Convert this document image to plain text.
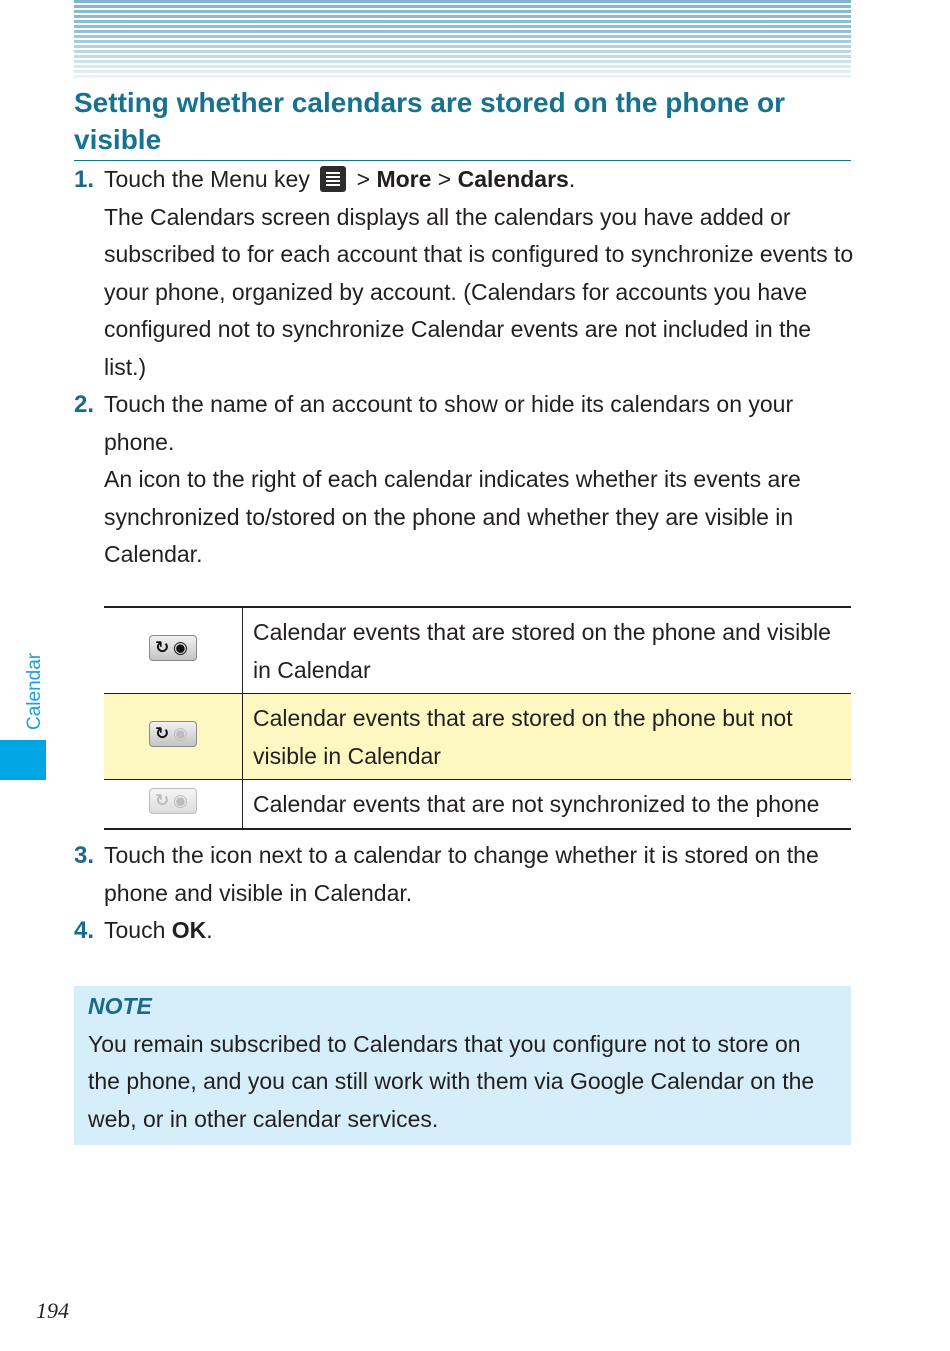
Setting whether calendars are stored on the phone or visible
1. Touch the Menu key > More > Calendars.

The Calendars screen displays all the calendars you have added or subscribed to for each account that is configured to synchronize events to your phone, organized by account. (Calendars for accounts you have configured not to synchronize Calendar events are not included in the list.)

2. Touch the name of an account to show or hide its calendars on your phone.

An icon to the right of each calendar indicates whether its events are synchronized to/stored on the phone and whether they are visible in Calendar.

↻ ◉	Calendar events that are stored on the phone and visible in Calendar

↻ ◉	Calendar events that are stored on the phone but not visible in Calendar

↻ ◉	Calendar events that are not synchronized to the phone
3. Touch the icon next to a calendar to change whether it is stored on the phone and visible in Calendar.

4. Touch OK.

NOTE

You remain subscribed to Calendars that you configure not to store on the phone, and you can still work with them via Google Calendar on the web, or in other calendar services.

Calendar
194
